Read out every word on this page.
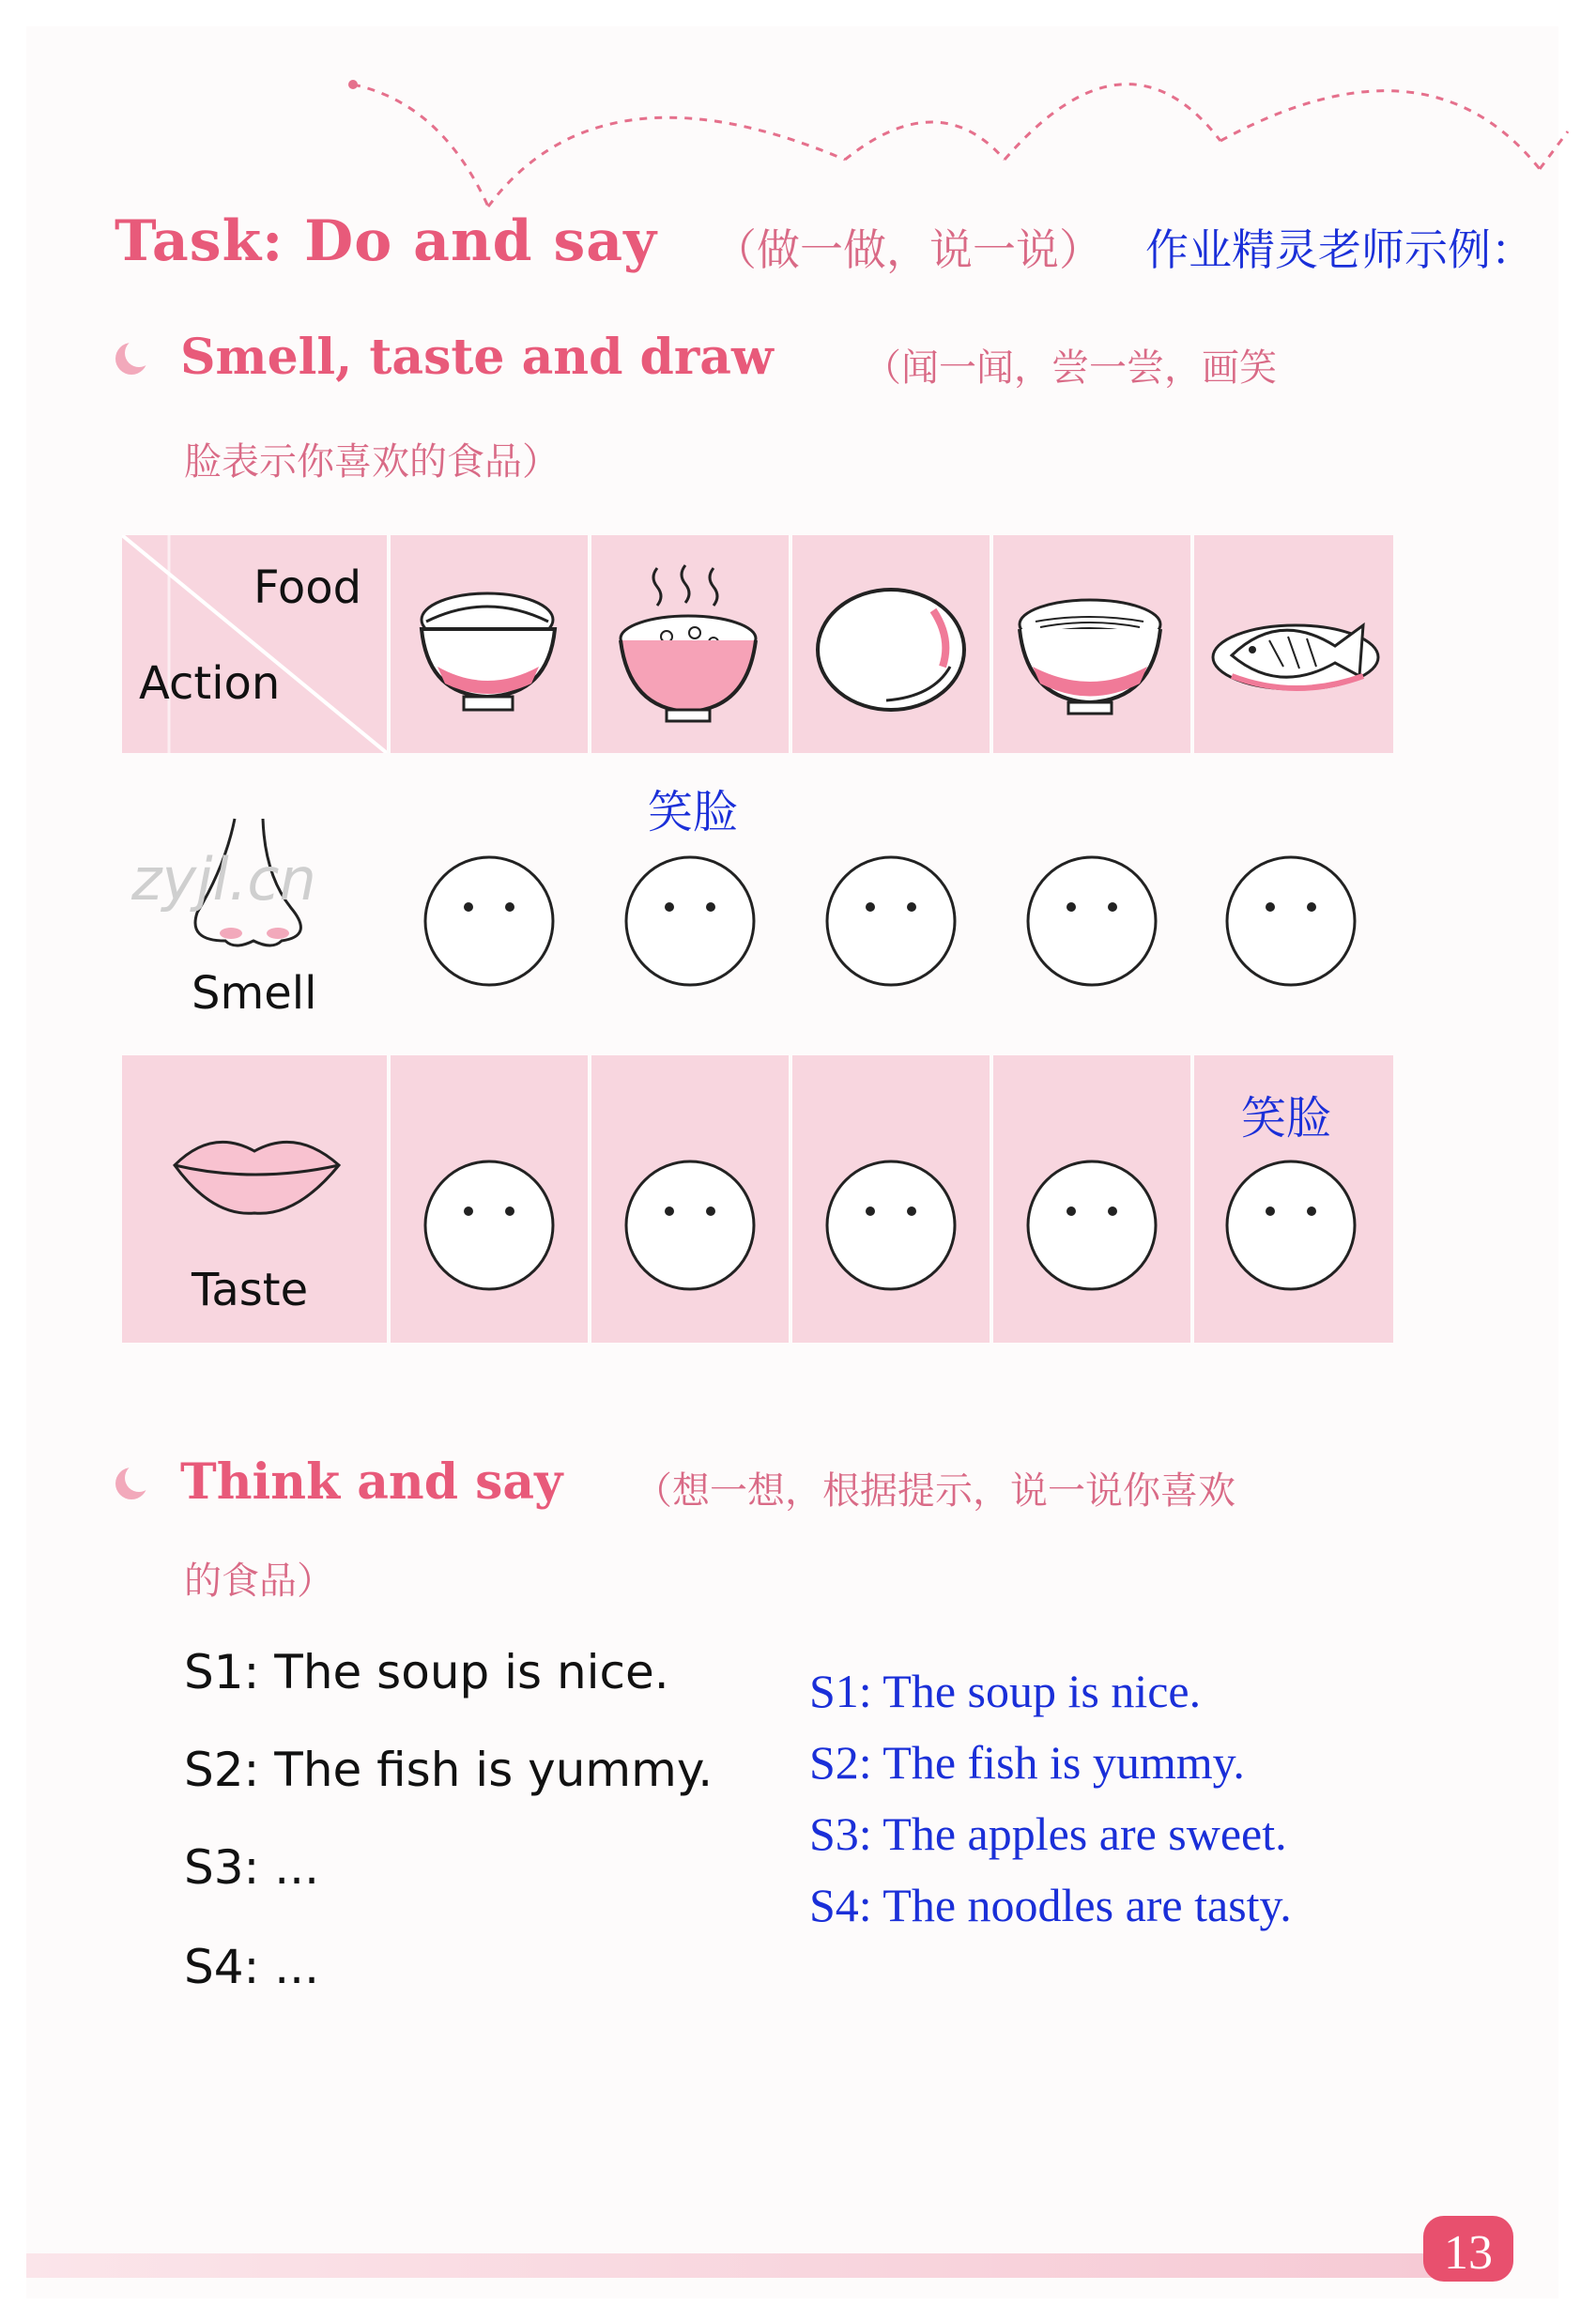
Task: Do and say （做一做，说一说） 作业精灵老师示例：
Smell, taste and draw （闻一闻，尝一尝，画笑
脸表示你喜欢的食品）
Food
Action
zyjl.cn
Smell
笑脸
Taste
笑脸
Think and say （想一想，根据提示，说一说你喜欢
的食品）
S1: The soup is nice.
S2: The fish is yummy.
S3: ...
S4: ...
S1: The soup is nice.
S2: The fish is yummy.
S3: The apples are sweet.
S4: The noodles are tasty.
13
